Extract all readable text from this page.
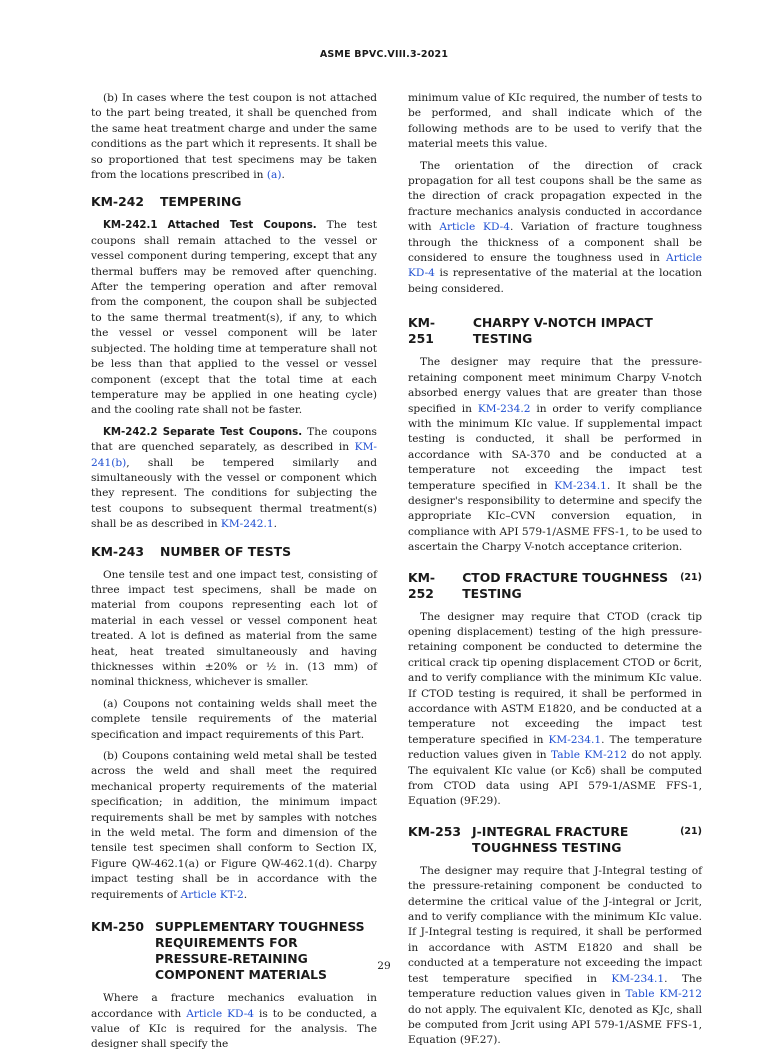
ASME BPVC.VIII.3-2021

(b) In cases where the test coupon is not attached to the part being treated, it shall be quenched from the same heat treatment charge and under the same conditions as the part which it represents. It shall be so proportioned that test specimens may be taken from the locations prescribed in (a).

KM-242 TEMPERING

KM-242.1 Attached Test Coupons. The test coupons shall remain attached to the vessel or vessel component during tempering, except that any thermal buffers may be removed after quenching. After the tempering operation and after removal from the component, the coupon shall be subjected to the same thermal treatment(s), if any, to which the vessel or vessel component will be later subjected. The holding time at temperature shall not be less than that applied to the vessel or vessel component (except that the total time at each temperature may be applied in one heating cycle) and the cooling rate shall not be faster.

KM-242.2 Separate Test Coupons. The coupons that are quenched separately, as described in KM-241(b), shall be tempered similarly and simultaneously with the vessel or component which they represent. The conditions for subjecting the test coupons to subsequent thermal treatment(s) shall be as described in KM-242.1.

KM-243 NUMBER OF TESTS

One tensile test and one impact test, consisting of three impact test specimens, shall be made on material from coupons representing each lot of material in each vessel or vessel component heat treated. A lot is defined as material from the same heat, heat treated simultaneously and having thicknesses within ±20% or ½ in. (13 mm) of nominal thickness, whichever is smaller.

(a) Coupons not containing welds shall meet the complete tensile requirements of the material specification and impact requirements of this Part.

(b) Coupons containing weld metal shall be tested across the weld and shall meet the required mechanical property requirements of the material specification; in addition, the minimum impact requirements shall be met by samples with notches in the weld metal. The form and dimension of the tensile test specimen shall conform to Section IX, Figure QW-462.1(a) or Figure QW-462.1(d). Charpy impact testing shall be in accordance with the requirements of Article KT-2.

KM-250 SUPPLEMENTARY TOUGHNESS REQUIREMENTS FOR PRESSURE-RETAINING COMPONENT MATERIALS

Where a fracture mechanics evaluation in accordance with Article KD-4 is to be conducted, a value of KIc is required for the analysis. The designer shall specify the

minimum value of KIc required, the number of tests to be performed, and shall indicate which of the following methods are to be used to verify that the material meets this value.

The orientation of the direction of crack propagation for all test coupons shall be the same as the direction of crack propagation expected in the fracture mechanics analysis conducted in accordance with Article KD-4. Variation of fracture toughness through the thickness of a component shall be considered to ensure the toughness used in Article KD-4 is representative of the material at the location being considered.

KM-251
CHARPY V-NOTCH IMPACT TESTING

The designer may require that the pressure-retaining component meet minimum Charpy V-notch absorbed energy values that are greater than those specified in KM-234.2 in order to verify compliance with the minimum KIc value. If supplemental impact testing is conducted, it shall be performed in accordance with SA-370 and be conducted at a temperature not exceeding the impact test temperature specified in KM-234.1. It shall be the designer's responsibility to determine and specify the appropriate KIc–CVN conversion equation, in compliance with API 579-1/ASME FFS-1, to be used to ascertain the Charpy V-notch acceptance criterion.

KM-252
CTOD FRACTURE TOUGHNESS TESTING
(21)

The designer may require that CTOD (crack tip opening displacement) testing of the high pressure-retaining component be conducted to determine the critical crack tip opening displacement CTOD or δcrit, and to verify compliance with the minimum KIc value. If CTOD testing is required, it shall be performed in accordance with ASTM E1820, and be conducted at a temperature not exceeding the impact test temperature specified in KM-234.1. The temperature reduction values given in Table KM-212 do not apply. The equivalent KIc value (or Kcδ) shall be computed from CTOD data using API 579-1/ASME FFS-1, Equation (9F.29).

KM-253 J-INTEGRAL FRACTURE TOUGHNESS TESTING
(21)

The designer may require that J-Integral testing of the pressure-retaining component be conducted to determine the critical value of the J-integral or Jcrit, and to verify compliance with the minimum KIc value. If J-Integral testing is required, it shall be performed in accordance with ASTM E1820 and shall be conducted at a temperature not exceeding the impact test temperature specified in KM-234.1. The temperature reduction values given in Table KM-212 do not apply. The equivalent KIc, denoted as KJc, shall be computed from Jcrit using API 579-1/ASME FFS-1, Equation (9F.27).

29
